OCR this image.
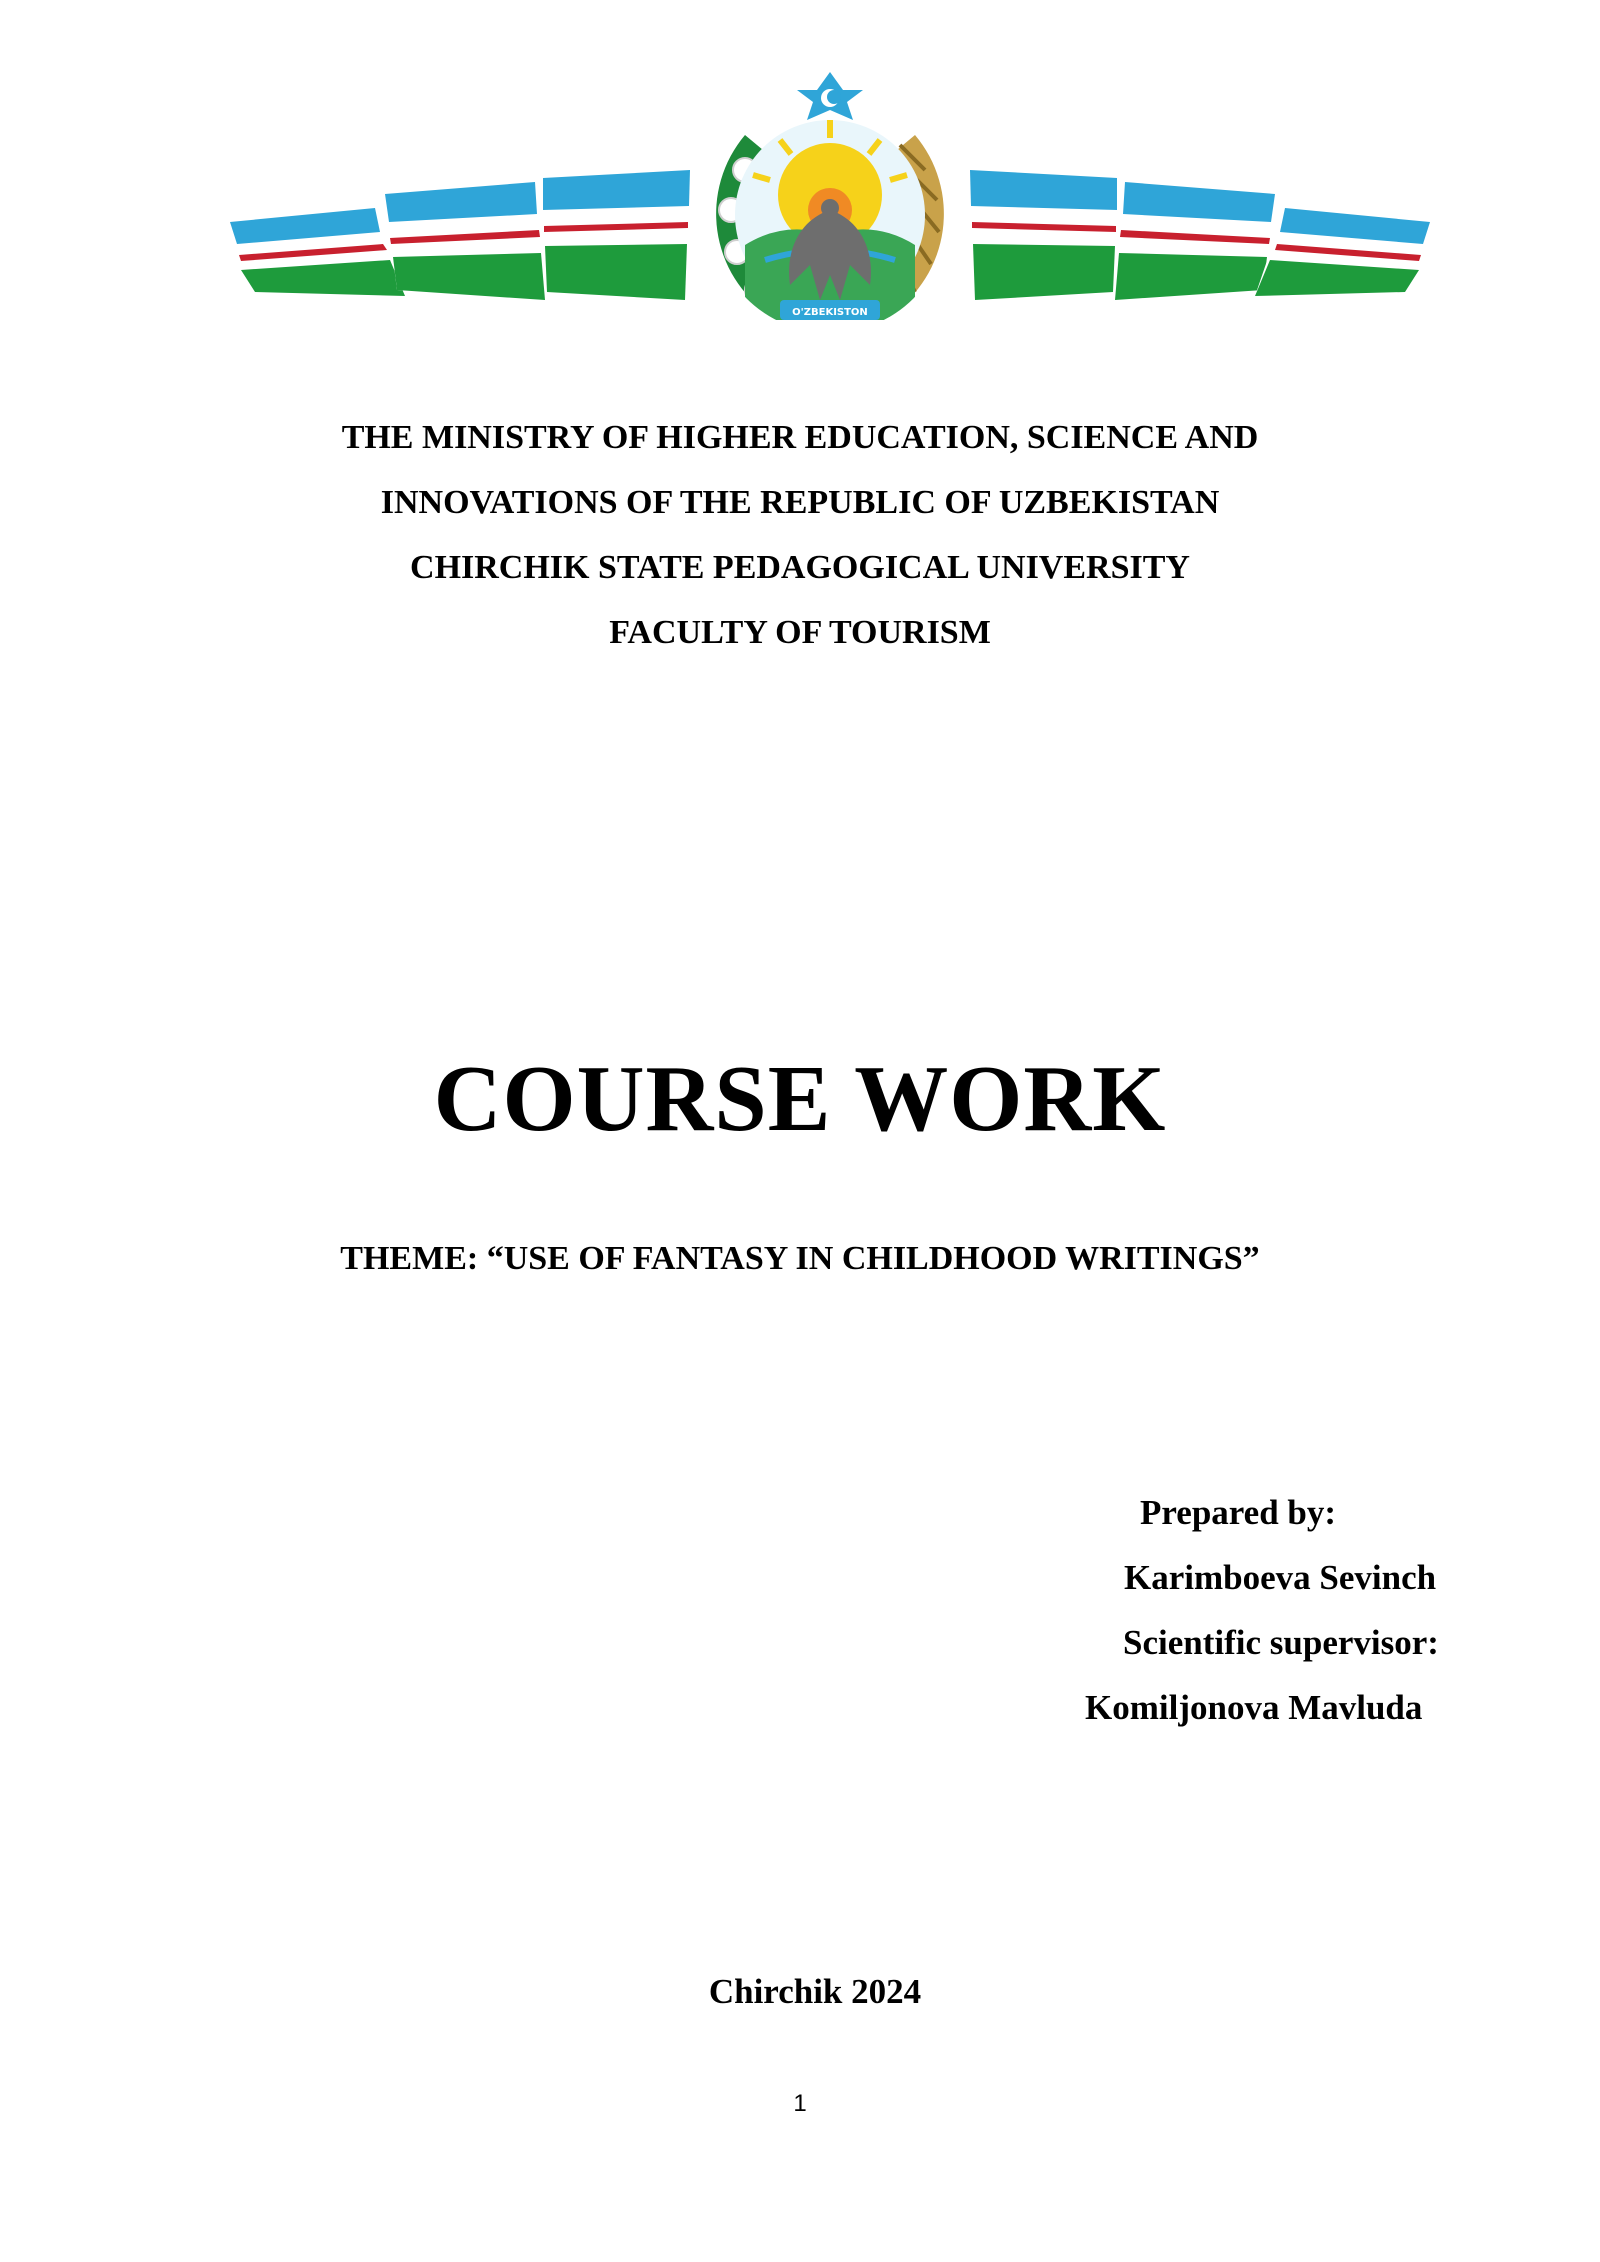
O'ZBEKISTON
THE MINISTRY OF HIGHER EDUCATION, SCIENCE AND
INNOVATIONS OF THE REPUBLIC OF UZBEKISTAN
CHIRCHIK STATE PEDAGOGICAL UNIVERSITY
FACULTY OF TOURISM
COURSE WORK
THEME: “USE OF FANTASY IN CHILDHOOD WRITINGS”
Prepared by:
Karimboeva Sevinch
Scientific supervisor:
Komiljonova Mavluda
Chirchik 2024
1
